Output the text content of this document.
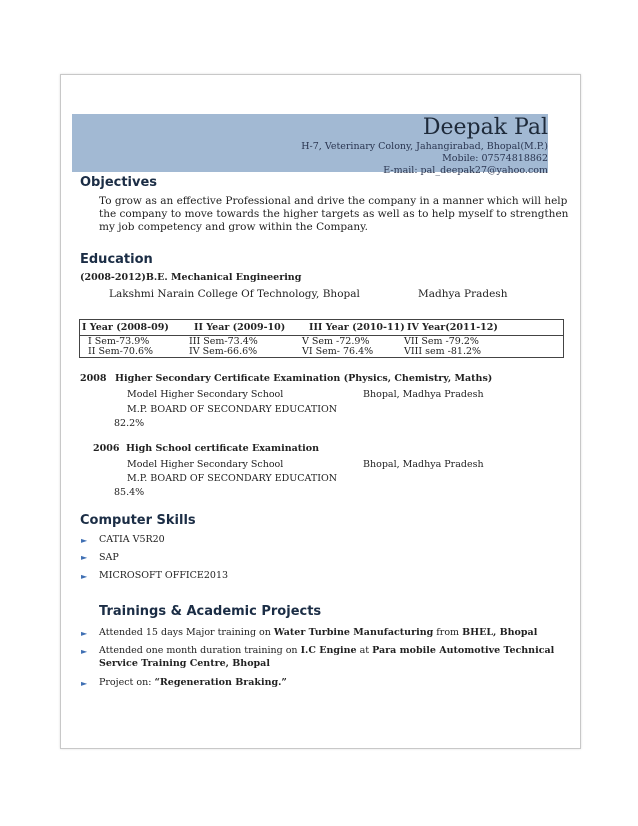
Deepak Pal
H-7, Veterinary Colony, Jahangirabad, Bhopal(M.P.)
Mobile: 07574818862
E-mail: pal_deepak27@yahoo.com
Objectives
To grow as an effective Professional and drive the company in a manner which will help
the company to move towards the higher targets as well as to help myself to strengthen
my job competency and grow within the Company.
Education
(2008-2012)B.E. Mechanical Engineering
Lakshmi Narain College Of Technology, Bhopal	Madhya Pradesh
I Year (2008-09)	II Year (2009-10) III Year (2010-11) IV Year(2011-12)
I Sem-73.9%	III Sem-73.4%	V Sem -72.9%	VII Sem -79.2%
II Sem-70.6%	IV Sem-66.6%	VI Sem- 76.4%	VIII sem -81.2%
2008 Higher Secondary Certificate Examination (Physics, Chemistry, Maths)
Model Higher Secondary School	Bhopal, Madhya Pradesh
M.P. BOARD OF SECONDARY EDUCATION
82.2%
2006 High School certificate Examination
Model Higher Secondary School	Bhopal, Madhya Pradesh
M.P. BOARD OF SECONDARY EDUCATION
85.4%
Computer Skills
► CATIA V5R20
► SAP
► MICROSOFT OFFICE2013
Trainings & Academic Projects
► Attended 15 days Major training on Water Turbine Manufacturing from BHEL, Bhopal
► Attended one month duration training on I.C Engine at Para mobile Automotive Technical
Service Training Centre, Bhopal
► Project on: “Regeneration Braking.”
